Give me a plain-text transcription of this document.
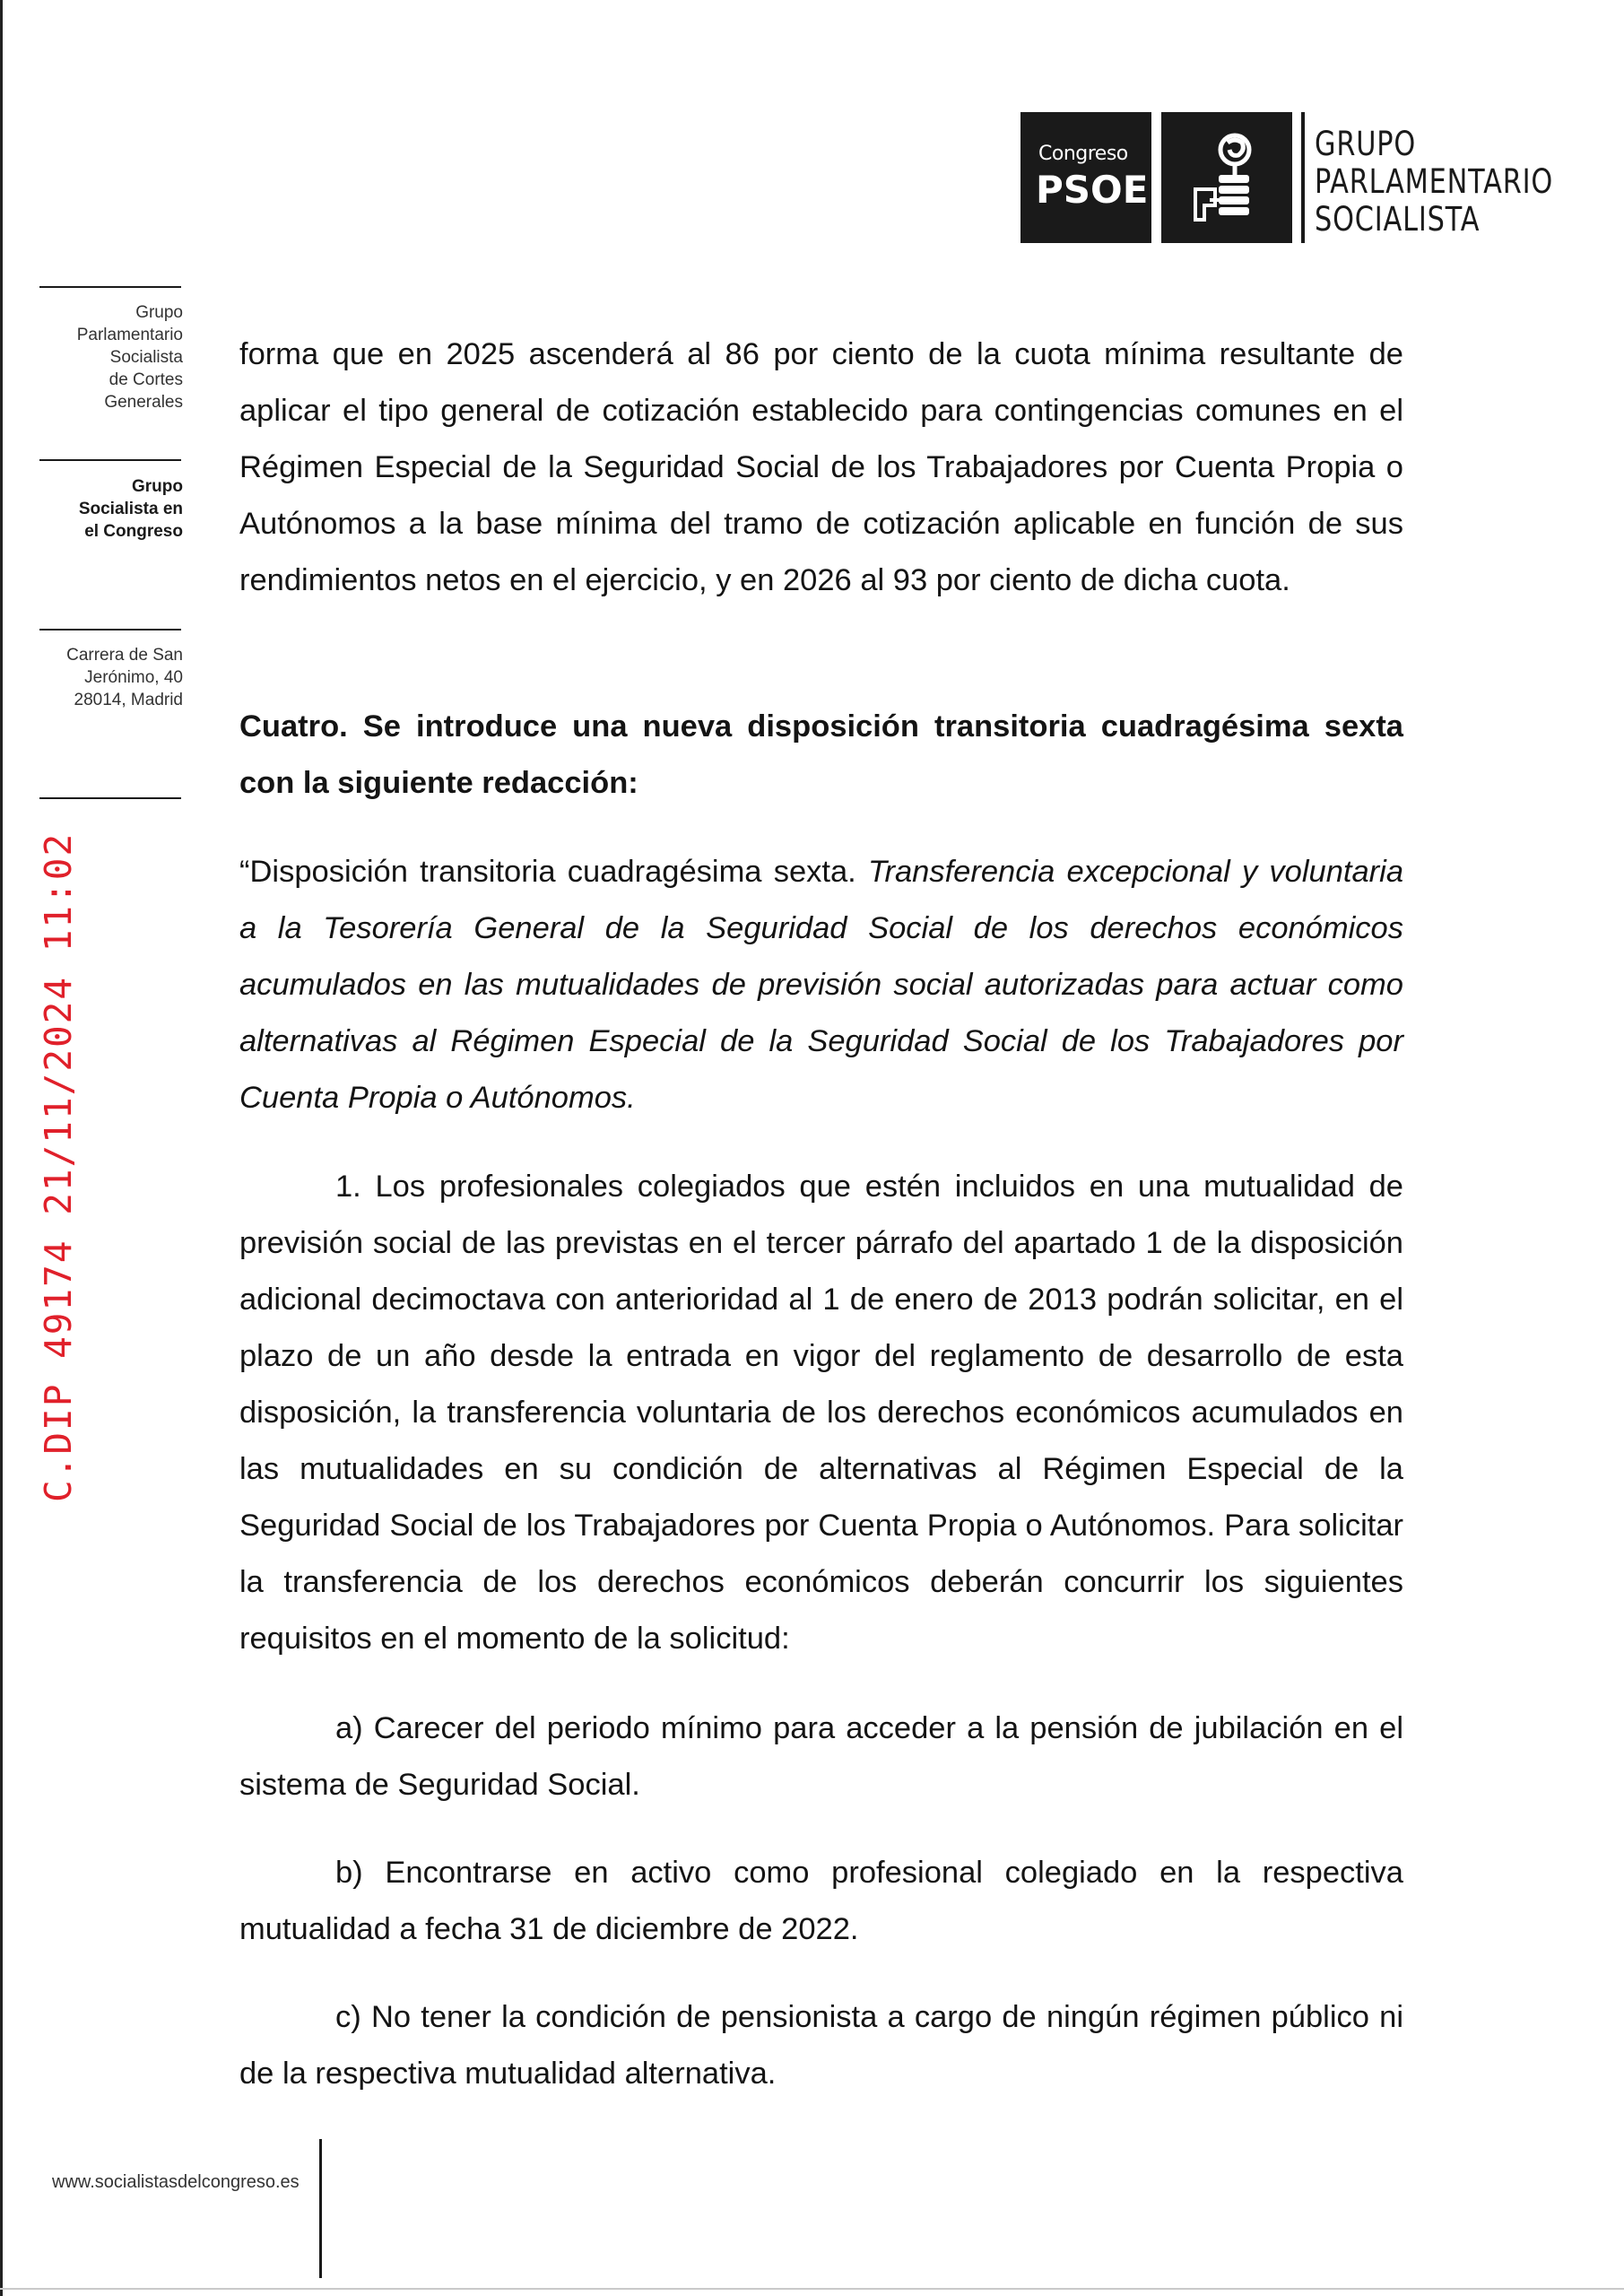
Congreso
PSOE
GRUPO
PARLAMENTARIO
SOCIALISTA
Grupo
Parlamentario
Socialista
de Cortes
Generales
Grupo
Socialista en
el Congreso
Carrera de San
Jerónimo, 40
28014, Madrid
C.DIP 49174 21/11/2024 11:02
www.socialistasdelcongreso.es

forma que en 2025 ascenderá al 86 por ciento de la cuota mínima resultante de aplicar el tipo general de cotización establecido para contingencias comunes en el Régimen Especial de la Seguridad Social de los Trabajadores por Cuenta Propia o Autónomos a la base mínima del tramo de cotización aplicable en función de sus rendimientos netos en el ejercicio, y en 2026 al 93 por ciento de dicha cuota.

Cuatro. Se introduce una nueva disposición transitoria cuadragésima sexta con la siguiente redacción:

“Disposición transitoria cuadragésima sexta. Transferencia excepcional y voluntaria a la Tesorería General de la Seguridad Social de los derechos económicos acumulados en las mutualidades de previsión social autorizadas para actuar como alternativas al Régimen Especial de la Seguridad Social de los Trabajadores por Cuenta Propia o Autónomos.

1. Los profesionales colegiados que estén incluidos en una mutualidad de previsión social de las previstas en el tercer párrafo del apartado 1 de la disposición adicional decimoctava con anterioridad al 1 de enero de 2013 podrán solicitar, en el plazo de un año desde la entrada en vigor del reglamento de desarrollo de esta disposición, la transferencia voluntaria de los derechos económicos acumulados en las mutualidades en su condición de alternativas al Régimen Especial de la Seguridad Social de los Trabajadores por Cuenta Propia o Autónomos. Para solicitar la transferencia de los derechos económicos deberán concurrir los siguientes requisitos en el momento de la solicitud:

a) Carecer del periodo mínimo para acceder a la pensión de jubilación en el sistema de Seguridad Social.

b) Encontrarse en activo como profesional colegiado en la respectiva mutualidad a fecha 31 de diciembre de 2022.

c) No tener la condición de pensionista a cargo de ningún régimen público ni de la respectiva mutualidad alternativa.
